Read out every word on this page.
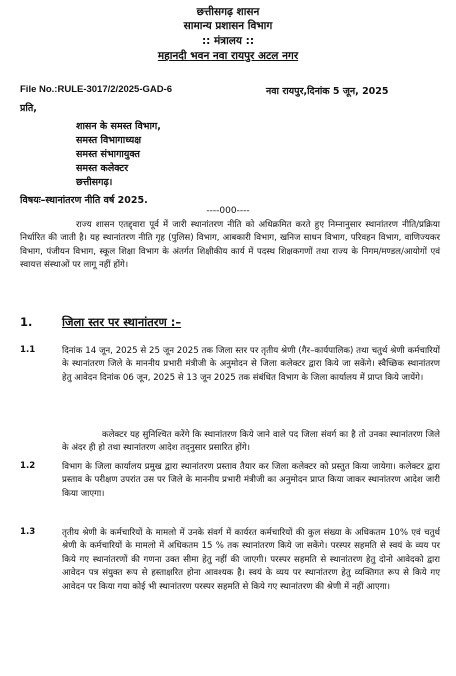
छत्तीसगढ़ शासन
सामान्य प्रशासन विभाग
:: मंत्रालय ::
महानदी भवन नवा रायपुर अटल नगर
File No.:RULE-3017/2/2025-GAD-6	नवा रायपुर,दिनांक 5 जून, 2025
प्रति,
शासन के समस्त विभाग,
समस्त विभागाध्यक्ष
समस्त संभागायुक्त
समस्त कलेक्टर
छत्तीसगढ़।
विषयः–स्थानांतरण नीति वर्ष 2025.
----000----
राज्य शासन एतद्द्वारा पूर्व में जारी स्थानांतरण नीति को अधिक्रमित करते हुए निम्नानुसार स्थानांतरण नीति/प्रक्रिया निर्धारित की जाती है। यह स्थानांतरण नीति गृह (पुलिस) विभाग, आबकारी विभाग, खनिज साधन विभाग, परिवहन विभाग, वाणिज्यकर विभाग, पंजीयन विभाग, स्कूल शिक्षा विभाग के अंतर्गत शिक्षीकीय कार्य में पदस्थ शिक्षकगणों तथा राज्य के निगम/मण्डल/आयोगों एवं स्वायत्त संस्थाओं पर लागू नहीं होंगे।
1.	जिला स्तर पर स्थानांतरण :–
1.1	दिनांक 14 जून, 2025 से 25 जून 2025 तक जिला स्तर पर तृतीय श्रेणी (गैर–कार्यपालिक) तथा चतुर्थ श्रेणी कर्मचारियों के स्थानांतरण जिले के माननीय प्रभारी मंत्रीजी के अनुमोदन से जिला कलेक्टर द्वारा किये जा सकेंगे। स्वैच्छिक स्थानांतरण हेतु आवेदन दिनांक 06 जून, 2025 से 13 जून 2025 तक संबंधित विभाग के जिला कार्यालय में प्राप्त किये जायेंगे।
कलेक्टर यह सुनिश्चित करेंगे कि स्थानांतरण किये जाने वाले पद जिला संवर्ग का है तो उनका स्थानांतरण जिले के अंदर ही हो तथा स्थानांतरण आदेश तद्नुसार प्रसारित होंगे।
1.2	विभाग के जिला कार्यालय प्रमुख द्वारा स्थानांतरण प्रस्ताव तैयार कर जिला कलेक्टर को प्रस्तुत किया जायेगा। कलेक्टर द्वारा प्रस्ताव के परीक्षण उपरांत उस पर जिले के माननीय प्रभारी मंत्रीजी का अनुमोदन प्राप्त किया जाकर स्थानांतरण आदेश जारी किया जाएगा।
1.3	तृतीय श्रेणी के कर्मचारियों के मामलो में उनके संवर्ग में कार्यरत कर्मचारियों की कुल संख्या के अधिकतम 10% एवं चतुर्थ श्रेणी के कर्मचारियों के मामलो में अधिकतम 15 % तक स्थानांतरण किये जा सकेंगे। परस्पर सहमति से स्वयं के व्यय पर किये गए स्थानांतरणों की गणना उक्त सीमा हेतु नहीं की जाएगी। परस्पर सहमति से स्थानांतरण हेतु दोनो आवेदको द्वारा आवेदन पत्र संयुक्त रूप से हस्ताक्षरित होना आवश्यक है। स्वयं के व्यय पर स्थानांतरण हेतु व्यक्तिगत रूप से किये गए आवेदन पर किया गया कोई भी स्थानांतरण परस्पर सहमति से किये गए स्थानांतरण की श्रेणी में नहीं आएगा।
